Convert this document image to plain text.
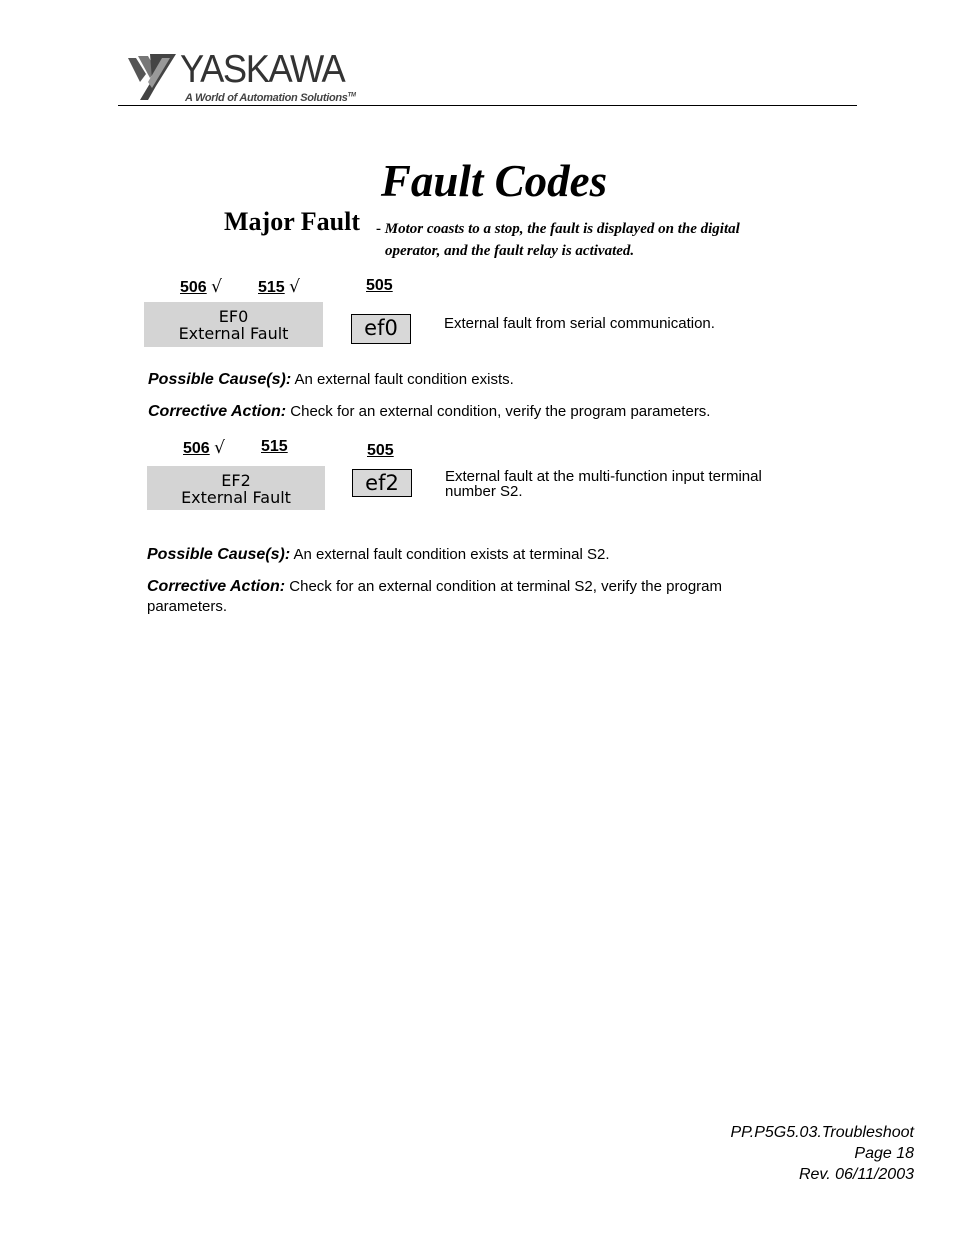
YASKAWA
A World of Automation Solutions™
Fault Codes
Major Fault - Motor coasts to a stop, the fault is displayed on the digital
operator, and the fault relay is activated.
506 √ 515 √	505
EF0
External Fault	ef0	External fault from serial communication.
Possible Cause(s): An external fault condition exists.
Corrective Action: Check for an external condition, verify the program parameters.
506 √ 515	505
EF2
External Fault
ef2	External fault at the multi-function input terminal
number S2.
Possible Cause(s): An external fault condition exists at terminal S2.
Corrective Action: Check for an external condition at terminal S2, verify the program
parameters.
PP.P5G5.03.Troubleshoot
Page 18
Rev. 06/11/2003
